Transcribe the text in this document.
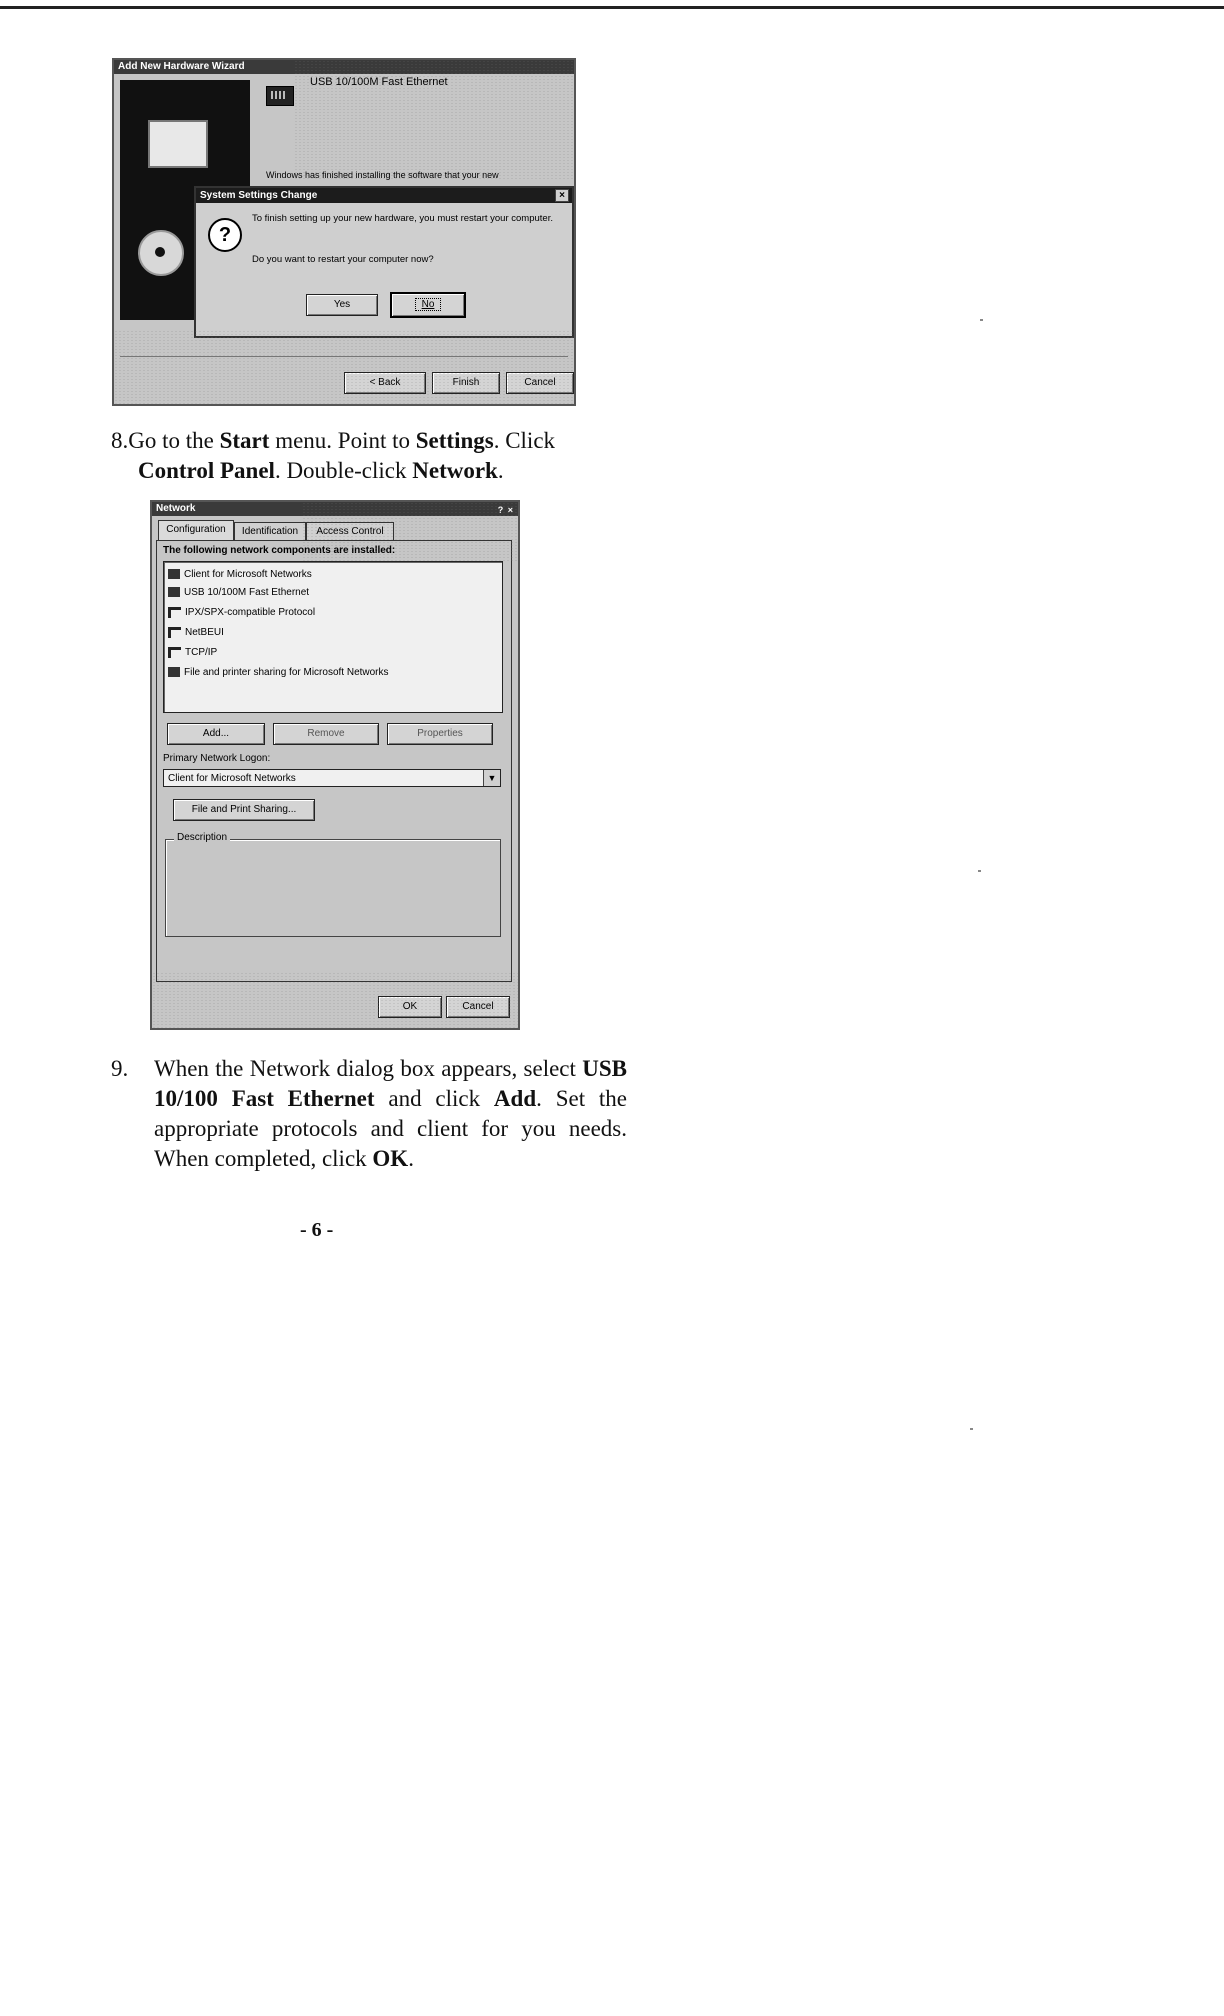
Add New Hardware Wizard
USB 10/100M Fast Ethernet
Windows has finished installing the software that your new
System Settings Change	×
?
To finish setting up your new hardware, you must restart your computer.
Do you want to restart your computer now?
Yes	No
< Back	Finish	Cancel
8.Go to the Start menu. Point to Settings. Click
Control Panel. Double-click Network.
Network	? ×
Configuration	Identification	Access Control
The following network components are installed:
Client for Microsoft Networks
USB 10/100M Fast Ethernet
IPX/SPX-compatible Protocol
NetBEUI
TCP/IP
File and printer sharing for Microsoft Networks
Add...	Remove	Properties
Primary Network Logon:
Client for Microsoft Networks	▼
File and Print Sharing...
Description
OK	Cancel
9. When the Network dialog box appears, select USB 10/100 Fast Ethernet and click Add. Set the appropriate protocols and client for you needs. When completed, click OK.
- 6 -
